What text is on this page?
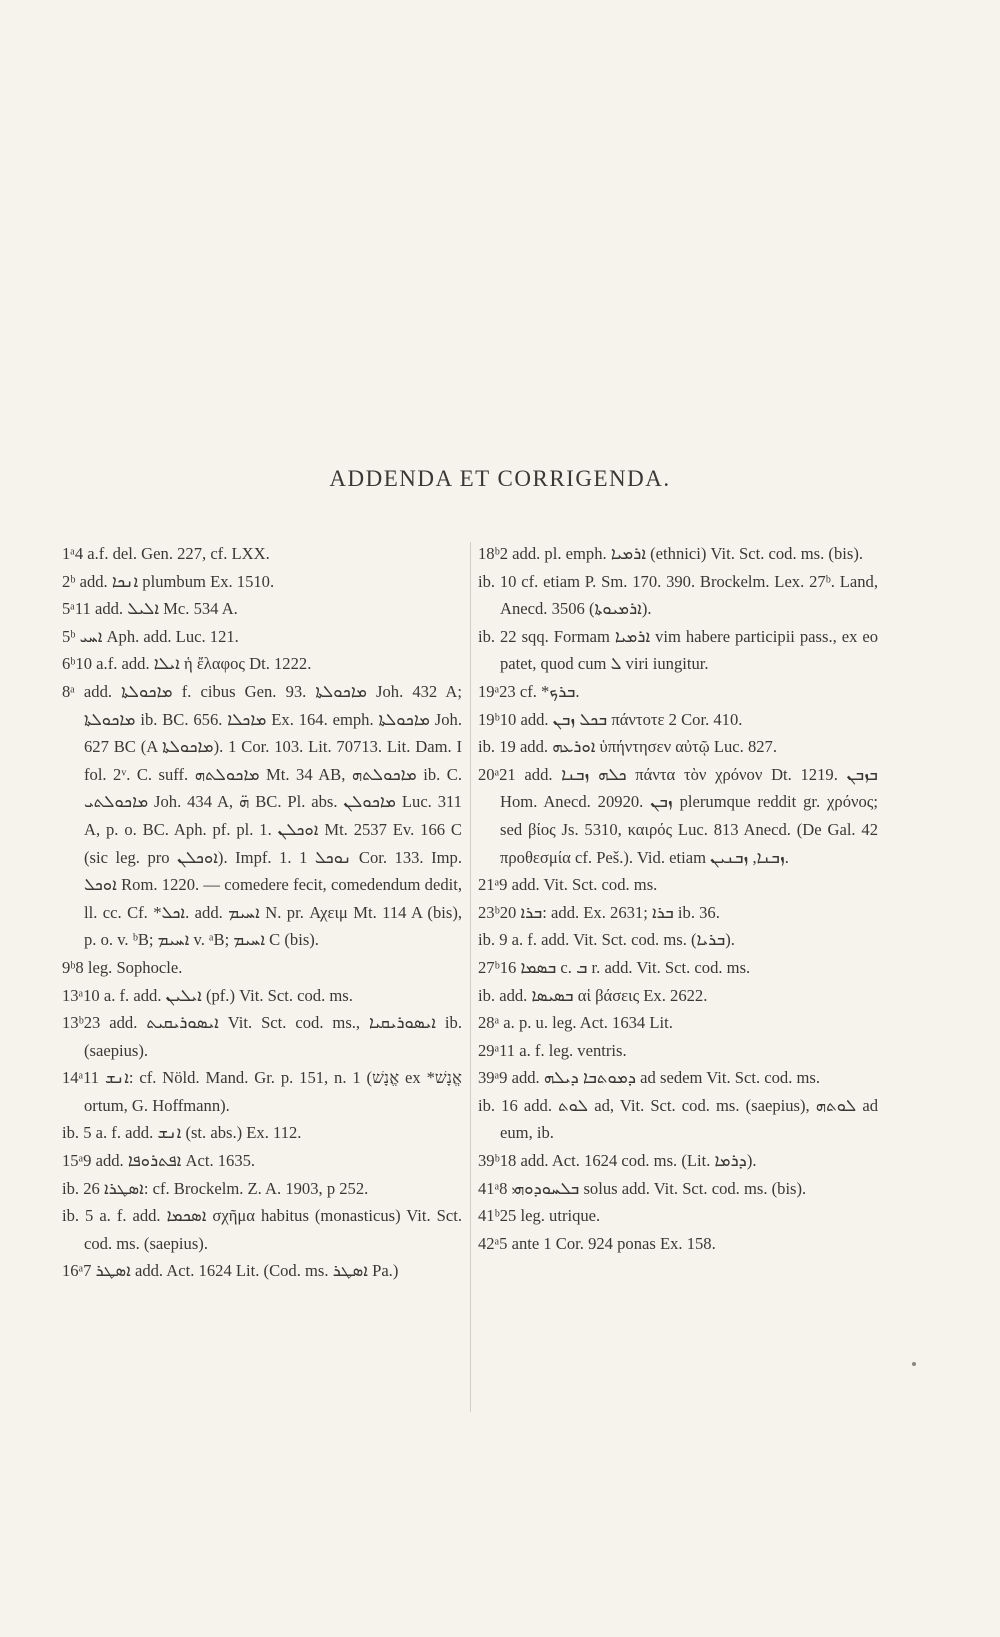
ADDENDA ET CORRIGENDA.

1ᵃ4 a.f. del. Gen. 227, cf. LXX.

2ᵇ add. ܐܢܟܐ plumbum Ex. 1510.

5ᵃ11 add. ܐܠܝܠ Mc. 534 A.

5ᵇ ܐܚܝ Aph. add. Luc. 121.

6ᵇ10 a.f. add. ܐܝܠܐ ἡ ἔλαφος Dt. 1222.

8ᵃ add. ܡܐܟܘܠܬܐ f. cibus Gen. 93. ܡܐܟܘܠܬܐ Joh. 432 A; ܡܐܟܘܠܬܐ ib. BC. 656. ܡܐܟܠܐ Ex. 164. emph. ܡܐܟܘܠܬܐ Joh. 627 BC (A ܡܐܟܘܠܬܐ). 1 Cor. 103. Lit. 70713. Lit. Dam. I fol. 2ᵛ. C. suff. ܡܐܟܘܠܬܗ Mt. 34 AB, ܡܐܟܘܠܬܗ ib. C. ܡܐܟܘܠܬܝ Joh. 434 A, ܗ̈ BC. Pl. abs. ܡܐܟܘܠܢ Luc. 311 A, p. o. BC. Aph. pf. pl. 1. ܐܘܟܠܢ Mt. 2537 Ev. 166 C (sic leg. pro ܐܘܟܠܢ). Impf. 1. ܢܘܟܠ 1 Cor. 133. Imp. ܐܘܟܠ Rom. 1220. — comedere fecit, comedendum dedit, ll. cc. Cf. *ܐܟܠ. add. ܐܚܝܡ N. pr. Αχειμ Mt. 114 A (bis), p. o. v. ᵇB; ܐܚܝܡ v. ᵃB; ܐܚܝܡ C (bis).

9ᵇ8 leg. Sophocle.

13ᵃ10 a. f. add. ܐܝܠܝܢ (pf.) Vit. Sct. cod. ms.

13ᵇ23 add. ܐܝܣܘܪܝܩܝܬ Vit. Sct. cod. ms., ܐܝܣܘܪܝܩܝܐ ib. (saepius).

14ᵃ11 ܐܢܫ: cf. Nöld. Mand. Gr. p. 151, n. 1 (אֱנָשׁ ex *אֱנָשׁ ortum, G. Hoffmann).

ib. 5 a. f. add. ܐܢܫ (st. abs.) Ex. 112.

15ᵃ9 add. ܐܦܬܪܘܦܐ Act. 1635.

ib. 26 ܐܣܛܪܐ: cf. Brockelm. Z. A. 1903, p 252.

ib. 5 a. f. add. ܐܣܟܡܐ σχῆμα habitus (monasticus) Vit. Sct. cod. ms. (saepius).

16ᵃ7 ܐܣܛܪ add. Act. 1624 Lit. (Cod. ms. ܐܣܛܪ Pa.)

18ᵇ2 add. pl. emph. ܐܪܡܝܐ (ethnici) Vit. Sct. cod. ms. (bis).

ib. 10 cf. etiam P. Sm. 170. 390. Brockelm. Lex. 27ᵇ. Land, Anecd. 3506 (ܐܪܡܝܘܬܐ).

ib. 22 sqq. Formam ܐܪܡܝܐ vim habere participii pass., ex eo patet, quod cum ܠ viri iungitur.

19ᵃ23 cf. *ܒܪܟ.

19ᵇ10 add. ܒܟܠ ܙܒܢ πάντοτε 2 Cor. 410.

ib. 19 add. ܐܘܪܥܗ ὑπήντησεν αὐτῷ Luc. 827.

20ᵃ21 add. ܟܠܗ ܙܒܢܐ πάντα τὸν χρόνον Dt. 1219. ܒܙܒܢ Hom. Anecd. 20920. ܙܒܢ plerumque reddit gr. χρόνος; sed βίος Js. 5310, καιρός Luc. 813 Anecd. (De Gal. 42 προθεσμία cf. Peš.). Vid. etiam ܙܒܢܐ, ܙܒܢܝܢ.

21ᵃ9 add. Vit. Sct. cod. ms.

23ᵇ20 ܒܪܐ: add. Ex. 2631; ܒܪܐ ib. 36.

ib. 9 a. f. add. Vit. Sct. cod. ms. (ܒܪܝܐ).

27ᵇ16 ܒܣܡܐ c. ܒ r. add. Vit. Sct. cod. ms.

ib. add. ܒܣܝܣܐ αἱ βάσεις Ex. 2622.

28ᵃ a. p. u. leg. Act. 1634 Lit.

29ᵃ11 a. f. leg. ventris.

39ᵃ9 add. ܕܡܘܬܒܐ ܕܝܠܗ ad sedem Vit. Sct. cod. ms.

ib. 16 add. ܠܘܬ ad, Vit. Sct. cod. ms. (saepius), ܠܘܬܗ ad eum, ib.

39ᵇ18 add. Act. 1624 cod. ms. (Lit. ܕܪܡܐ).

41ᵃ8 ܒܠܚܘܕܘܗܝ solus add. Vit. Sct. cod. ms. (bis).

41ᵇ25 leg. utrique.

42ᵃ5 ante 1 Cor. 924 ponas Ex. 158.
